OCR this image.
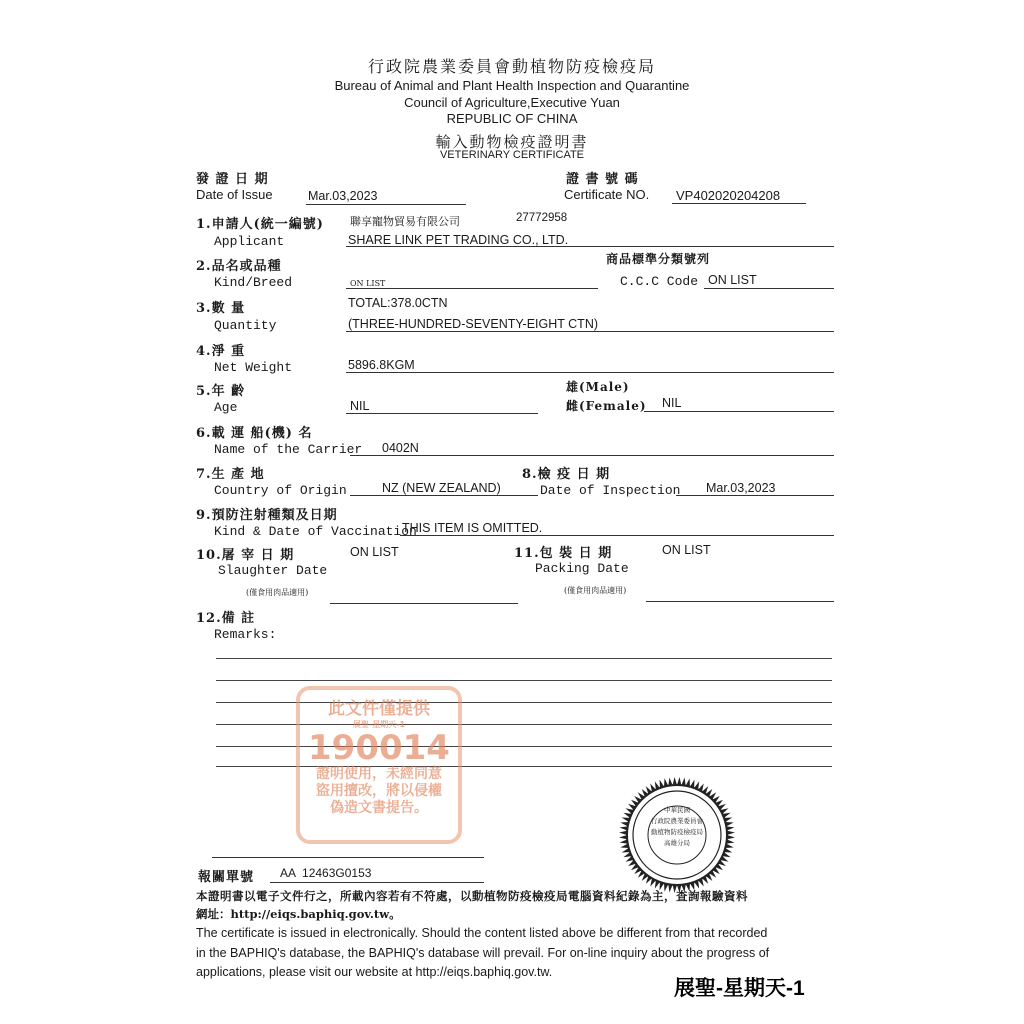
行政院農業委員會動植物防疫檢疫局
Bureau of Animal and Plant Health Inspection and Quarantine
Council of Agriculture,Executive Yuan
REPUBLIC OF CHINA
輸入動物檢疫證明書
VETERINARY CERTIFICATE
發 證 日 期
Date of Issue	Mar.03,2023
證 書 號 碼
Certificate NO. VP402020204208
1.申請人(統一編號)
Applicant
聯享寵物貿易有限公司	27772958
SHARE LINK PET TRADING CO., LTD.
2.品名或品種
Kind/Breed	ON LIST
商品標準分類號列
C.C.C Code ON LIST
3.數 量
Quantity
TOTAL:378.0CTN
(THREE-HUNDRED-SEVENTY-EIGHT CTN)
4.淨 重
Net Weight	5896.8KGM
5.年 齡
Age	NIL
雄(Male)
雌(Female) NIL
6.載 運 船(機) 名
Name of the Carrier 0402N
7.生 產 地
Country of Origin	NZ (NEW ZEALAND)
8.檢 疫 日 期
Date of Inspection Mar.03,2023
9.預防注射種類及日期
Kind & Date of Vaccination
THIS ITEM IS OMITTED.
10.屠 宰 日 期
Slaughter Date
ON LIST
(僅食用肉品適用)
11.包 裝 日 期
Packing Date
ON LIST
(僅食用肉品適用)
12.備 註
Remarks:
此文件僅提供
展聖-星期天-1
190014
證明使用，未經同意
盜用擅改，將以侵權
偽造文書提告。	中華民國
行政院農業委員會
動植物防疫檢疫局
高雄分局
報關單號 AA  12463G0153
本證明書以電子文件行之，所載內容若有不符處，以動植物防疫檢疫局電腦資料紀錄為主，查詢報驗資料
網址：http://eiqs.baphiq.gov.tw。
The certificate is issued in electronically. Should the content listed above be different from that recorded
in the BAPHIQ's database, the BAPHIQ's database will prevail. For on-line inquiry about the progress of
applications, please visit our website at http://eiqs.baphiq.gov.tw.
展聖-星期天-1
